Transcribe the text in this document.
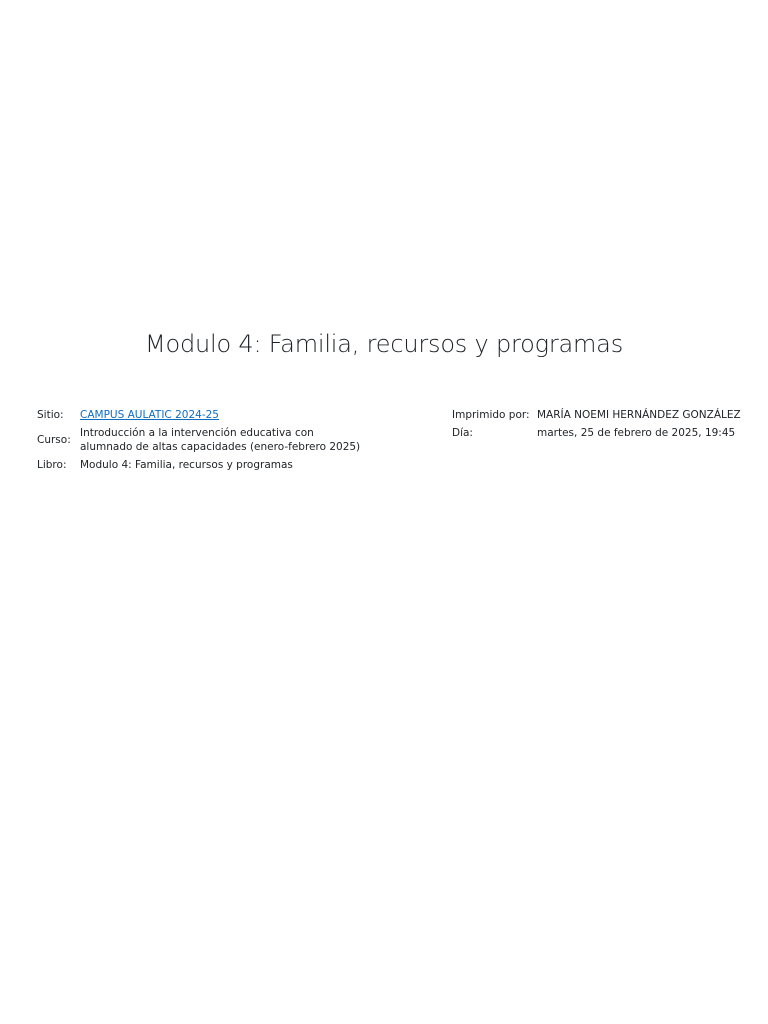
Modulo 4: Familia, recursos y programas
Sitio:	CAMPUS AULATIC 2024-25
Curso:	Introducción a la intervención educativa con alumnado de altas capacidades (enero-febrero 2025)
Libro:	Modulo 4: Familia, recursos y programas
Imprimido por:	MARÍA NOEMI HERNÁNDEZ GONZÁLEZ
Día:	martes, 25 de febrero de 2025, 19:45
